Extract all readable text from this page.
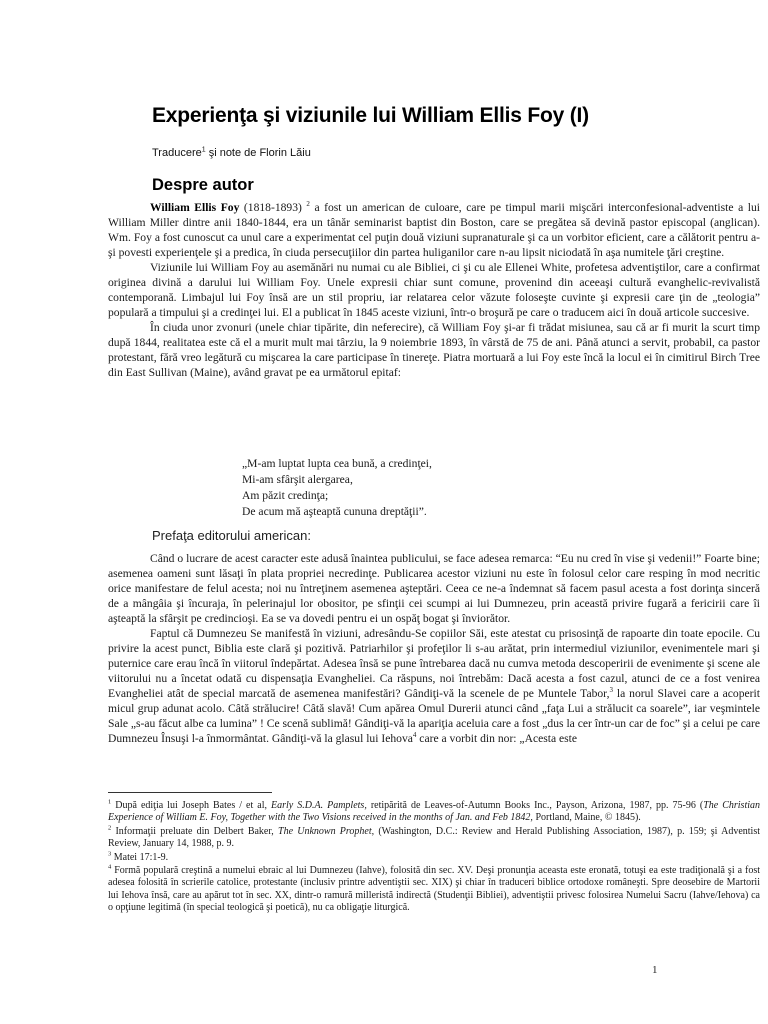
Experienţa şi viziunile lui William Ellis Foy (I)
Traducere$^1$ şi note de Florin Lăiu
Despre autor

William Ellis Foy (1818-1893) $^2$ a fost un american de culoare, care pe timpul marii mişcări interconfesional-adventiste a lui William Miller dintre anii 1840-1844, era un tânăr seminarist baptist din Boston, care se pregătea să devină pastor episcopal (anglican). Wm. Foy a fost cunoscut ca unul care a experimentat cel puţin două viziuni supranaturale şi ca un vorbitor eficient, care a călătorit pentru a-şi povesti experienţele şi a predica, în ciuda persecuţiilor din partea huliganilor care n-au lipsit niciodată în aşa numitele ţări creştine.

Viziunile lui William Foy au asemănări nu numai cu ale Bibliei, ci şi cu ale Ellenei White, profetesa adventiştilor, care a confirmat originea divină a darului lui William Foy. Unele expresii chiar sunt comune, provenind din aceeaşi cultură evanghelic-revivalistă contemporană. Limbajul lui Foy însă are un stil propriu, iar relatarea celor văzute foloseşte cuvinte şi expresii care ţin de „teologia” populară a timpului şi a credinţei lui. El a publicat în 1845 aceste viziuni, într-o broşură pe care o traducem aici în două articole succesive.

În ciuda unor zvonuri (unele chiar tipărite, din neferecire), că William Foy şi-ar fi trădat misiunea, sau că ar fi murit la scurt timp după 1844, realitatea este că el a murit mult mai târziu, la 9 noiembrie 1893, în vârstă de 75 de ani. Până atunci a servit, probabil, ca pastor protestant, fără vreo legătură cu mişcarea la care participase în tinereţe. Piatra mortuară a lui Foy este încă la locul ei în cimitirul Birch Tree din East Sullivan (Maine), având gravat pe ea următorul epitaf:

„M-am luptat lupta cea bună, a credinţei,
Mi-am sfârşit alergarea,
Am păzit credinţa;
De acum mă aşteaptă cununa dreptăţii”.
Prefaţa editorului american:

Când o lucrare de acest caracter este adusă înaintea publicului, se face adesea remarca: “Eu nu cred în vise şi vedenii!” Foarte bine; asemenea oameni sunt lăsaţi în plata propriei necredinţe. Publicarea acestor viziuni nu este în folosul celor care resping în mod necritic orice manifestare de felul acesta; noi nu întreţinem asemenea aşteptări. Ceea ce ne-a îndemnat să facem pasul acesta a fost dorinţa sinceră de a mângâia şi încuraja, în pelerinajul lor obositor, pe sfinţii cei scumpi ai lui Dumnezeu, prin această privire fugară a fericirii care îi aşteaptă la sfârşit pe credincioşi. Ea se va dovedi pentru ei un ospăţ bogat şi înviorător.

Faptul că Dumnezeu Se manifestă în viziuni, adresându-Se copiilor Săi, este atestat cu prisosinţă de rapoarte din toate epocile. Cu privire la acest punct, Biblia este clară şi pozitivă. Patriarhilor şi profeţilor li s-au arătat, prin intermediul viziunilor, evenimentele mari şi puternice care erau încă în viitorul îndepărtat. Adesea însă se pune întrebarea dacă nu cumva metoda descoperirii de evenimente şi scene ale viitorului nu a încetat odată cu dispensaţia Evangheliei. Ca răspuns, noi întrebăm: Dacă acesta a fost cazul, atunci de ce a fost venirea Evangheliei atât de special marcată de asemenea manifestări? Gândiţi-vă la scenele de pe Muntele Tabor,$^3$ la norul Slavei care a acoperit micul grup adunat acolo. Câtă strălucire! Câtă slavă! Cum apărea Omul Durerii atunci când „faţa Lui a strălucit ca soarele”, iar veşmintele Sale „s-au făcut albe ca lumina” ! Ce scenă sublimă! Gândiţi-vă la apariţia aceluia care a fost „dus la cer într-un car de foc” şi a celui pe care Dumnezeu Însuşi l-a înmormântat. Gândiţi-vă la glasul lui Iehova$^4$ care a vorbit din nor: „Acesta este

$^1$ După ediţia lui Joseph Bates / et al, Early S.D.A. Pamplets, retipărită de Leaves-of-Autumn Books Inc., Payson, Arizona, 1987, pp. 75-96 (The Christian Experience of William E. Foy, Together with the Two Visions received in the months of Jan. and Feb 1842, Portland, Maine, © 1845).
$^2$ Informaţii preluate din Delbert Baker, The Unknown Prophet, (Washington, D.C.: Review and Herald Publishing Association, 1987), p. 159; şi Adventist Review, January 14, 1988, p. 9.
$^3$ Matei 17:1-9.
$^4$ Formă populară creştină a numelui ebraic al lui Dumnezeu (Iahve), folosită din sec. XV. Deşi pronunţia aceasta este eronată, totuşi ea este tradiţională şi a fost adesea folosită în scrierile catolice, protestante (inclusiv printre adventiştii sec. XIX) şi chiar în traduceri biblice ortodoxe româneşti. Spre deosebire de Martorii lui Iehova însă, care au apărut tot în sec. XX, dintr-o ramură milleristă indirectă (Studenţii Bibliei), adventiştii privesc folosirea Numelui Sacru (Iahve/Iehova) ca o opţiune legitimă (în special teologică şi poetică), nu ca obligaţie liturgică.
1
